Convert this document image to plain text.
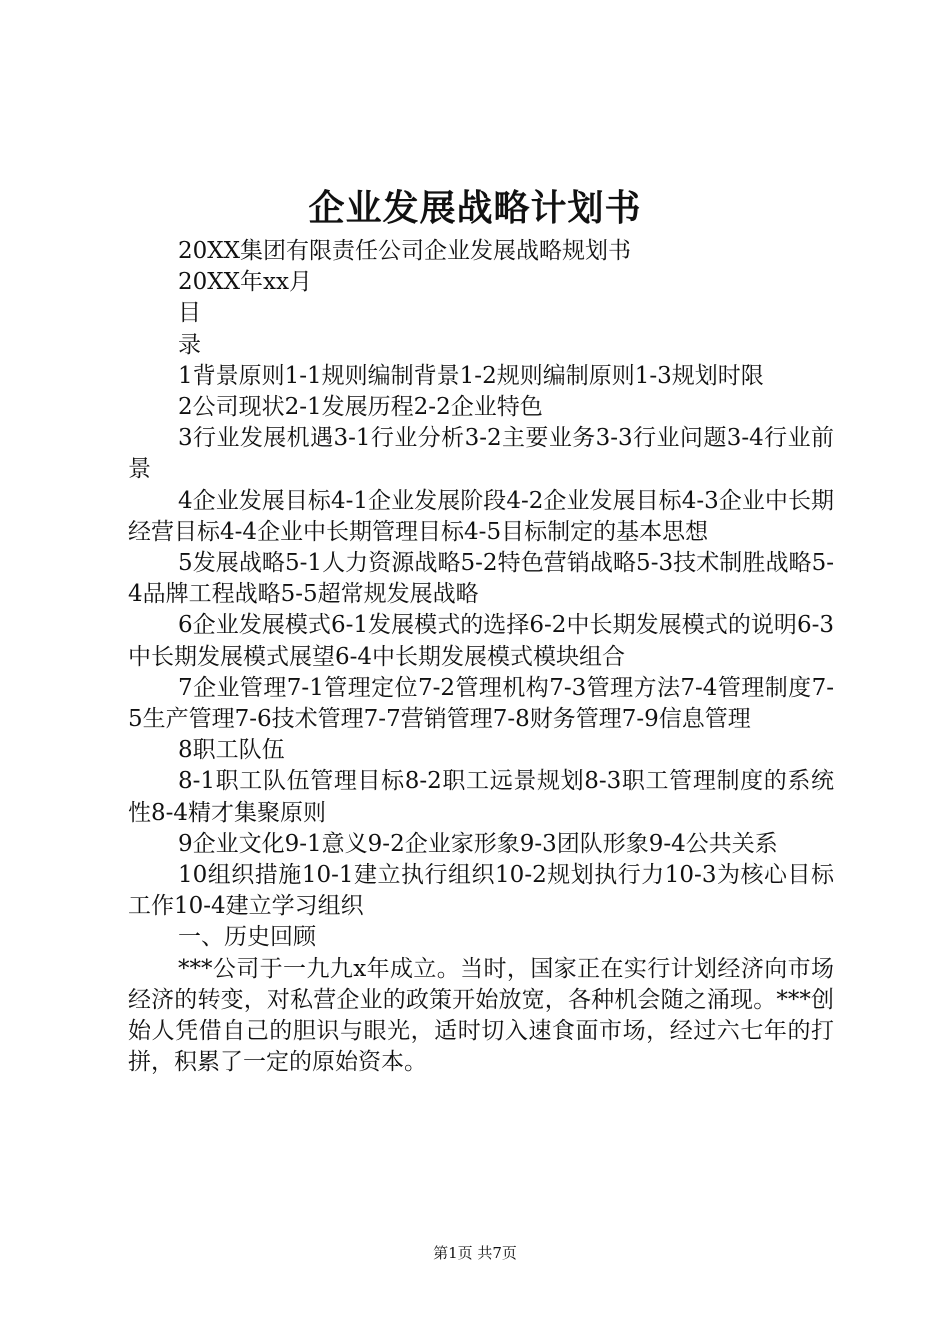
企业发展战略计划书

20XX集团有限责任公司企业发展战略规划书

20XX年xx月

目

录

1背景原则1-1规则编制背景1-2规则编制原则1-3规划时限

2公司现状2-1发展历程2-2企业特色

3行业发展机遇3-1行业分析3-2主要业务3-3行业问题3-4行业前景

4企业发展目标4-1企业发展阶段4-2企业发展目标4-3企业中长期经营目标4-4企业中长期管理目标4-5目标制定的基本思想

5发展战略5-1人力资源战略5-2特色营销战略5-3技术制胜战略5-4品牌工程战略5-5超常规发展战略

6企业发展模式6-1发展模式的选择6-2中长期发展模式的说明6-3中长期发展模式展望6-4中长期发展模式模块组合

7企业管理7-1管理定位7-2管理机构7-3管理方法7-4管理制度7-5生产管理7-6技术管理7-7营销管理7-8财务管理7-9信息管理

8职工队伍

8-1职工队伍管理目标8-2职工远景规划8-3职工管理制度的系统性8-4精才集聚原则

9企业文化9-1意义9-2企业家形象9-3团队形象9-4公共关系

10组织措施10-1建立执行组织10-2规划执行力10-3为核心目标工作10-4建立学习组织

一、历史回顾

***公司于一九九x年成立。当时，国家正在实行计划经济向市场经济的转变，对私营企业的政策开始放宽，各种机会随之涌现。***创始人凭借自己的胆识与眼光，适时切入速食面市场，经过六七年的打拼，积累了一定的原始资本。

第1页 共7页
